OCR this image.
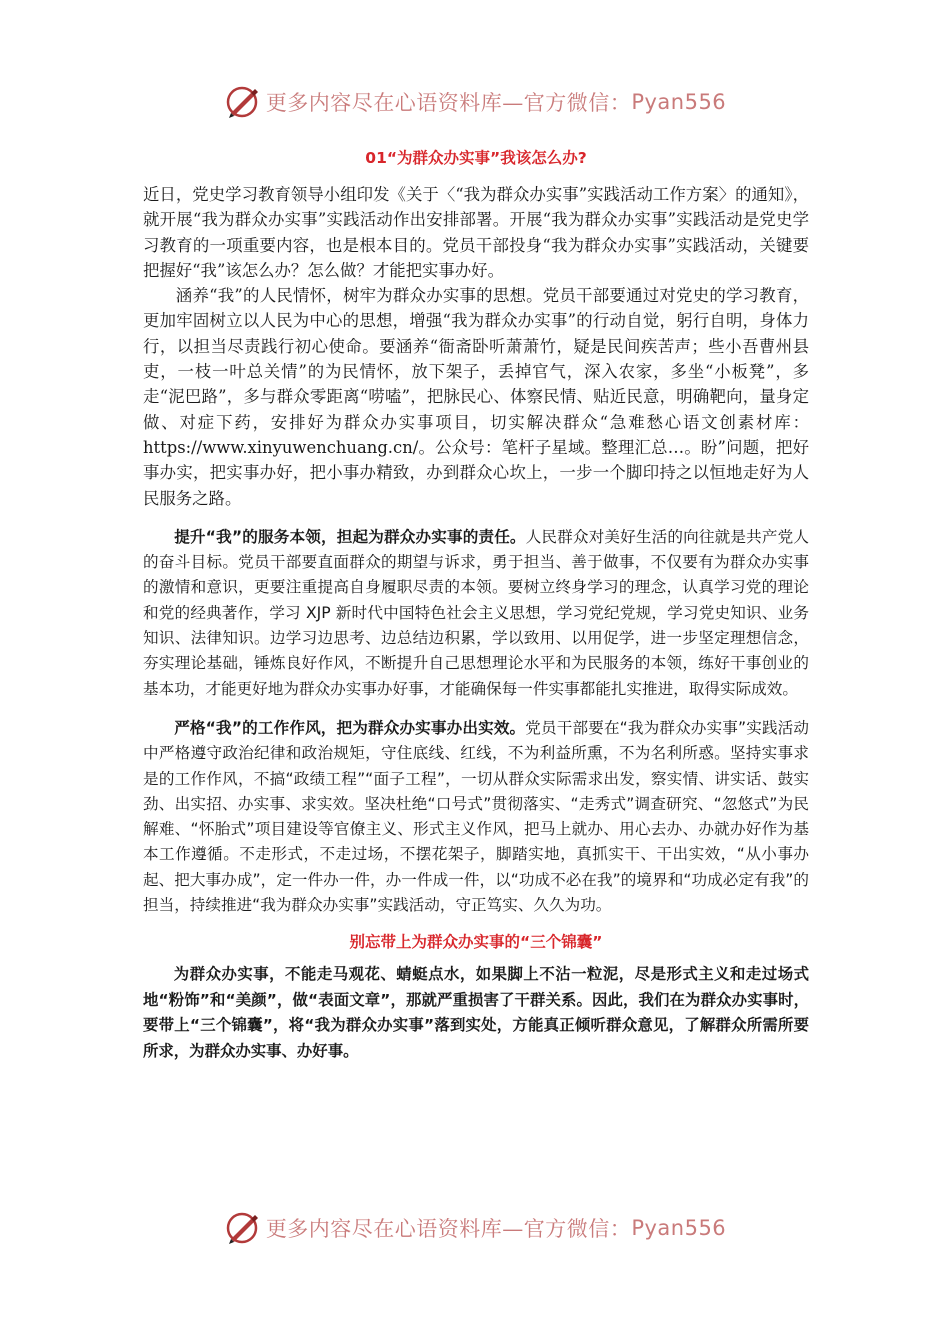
更多内容尽在心语资料库—官方微信： Pyan556
01“为群众办实事”我该怎么办?

近日，党史学习教育领导小组印发《关于〈“我为群众办实事”实践活动工作方案〉的通知》，就开展“我为群众办实事”实践活动作出安排部署。开展“我为群众办实事”实践活动是党史学习教育的一项重要内容，也是根本目的。党员干部投身“我为群众办实事”实践活动，关键要把握好“我”该怎么办？怎么做？才能把实事办好。

涵养“我”的人民情怀，树牢为群众办实事的思想。党员干部要通过对党史的学习教育，更加牢固树立以人民为中心的思想，增强“我为群众办实事”的行动自觉，躬行自明，身体力行，以担当尽责践行初心使命。要涵养“衙斋卧听萧萧竹，疑是民间疾苦声；些小吾曹州县吏，一枝一叶总关情”的为民情怀，放下架子，丢掉官气，深入农家，多坐“小板凳”，多走“泥巴路”，多与群众零距离“唠嗑”，把脉民心、体察民情、贴近民意，明确靶向，量身定做、对症下药，安排好为群众办实事项目，切实解决群众“急难愁心语文创素材库：https://www.xinyuwenchuang.cn/。公众号：笔杆子星域。整理汇总…。盼”问题，把好事办实，把实事办好，把小事办精致，办到群众心坎上，一步一个脚印持之以恒地走好为人民服务之路。

提升“我”的服务本领，担起为群众办实事的责任。人民群众对美好生活的向往就是共产党人的奋斗目标。党员干部要直面群众的期望与诉求，勇于担当、善于做事，不仅要有为群众办实事的激情和意识，更要注重提高自身履职尽责的本领。要树立终身学习的理念，认真学习党的理论和党的经典著作，学习 XJP 新时代中国特色社会主义思想，学习党纪党规，学习党史知识、业务知识、法律知识。边学习边思考、边总结边积累，学以致用、以用促学，进一步坚定理想信念，夯实理论基础，锤炼良好作风，不断提升自己思想理论水平和为民服务的本领，练好干事创业的基本功，才能更好地为群众办实事办好事，才能确保每一件实事都能扎实推进，取得实际成效。

严格“我”的工作作风，把为群众办实事办出实效。党员干部要在“我为群众办实事”实践活动中严格遵守政治纪律和政治规矩，守住底线、红线，不为利益所熏，不为名利所惑。坚持实事求是的工作作风，不搞“政绩工程”“面子工程”，一切从群众实际需求出发，察实情、讲实话、鼓实劲、出实招、办实事、求实效。坚决杜绝“口号式”贯彻落实、“走秀式”调查研究、“忽悠式”为民解难、“怀胎式”项目建设等官僚主义、形式主义作风，把马上就办、用心去办、办就办好作为基本工作遵循。不走形式，不走过场，不摆花架子，脚踏实地，真抓实干、干出实效，“从小事办起、把大事办成”，定一件办一件，办一件成一件，以“功成不必在我”的境界和“功成必定有我”的担当，持续推进“我为群众办实事”实践活动，守正笃实、久久为功。

别忘带上为群众办实事的“三个锦囊”

为群众办实事，不能走马观花、蜻蜓点水，如果脚上不沾一粒泥，尽是形式主义和走过场式地“粉饰”和“美颜”，做“表面文章”，那就严重损害了干群关系。因此，我们在为群众办实事时，要带上“三个锦囊”，将“我为群众办实事”落到实处，方能真正倾听群众意见，了解群众所需所要所求，为群众办实事、办好事。

更多内容尽在心语资料库—官方微信： Pyan556
